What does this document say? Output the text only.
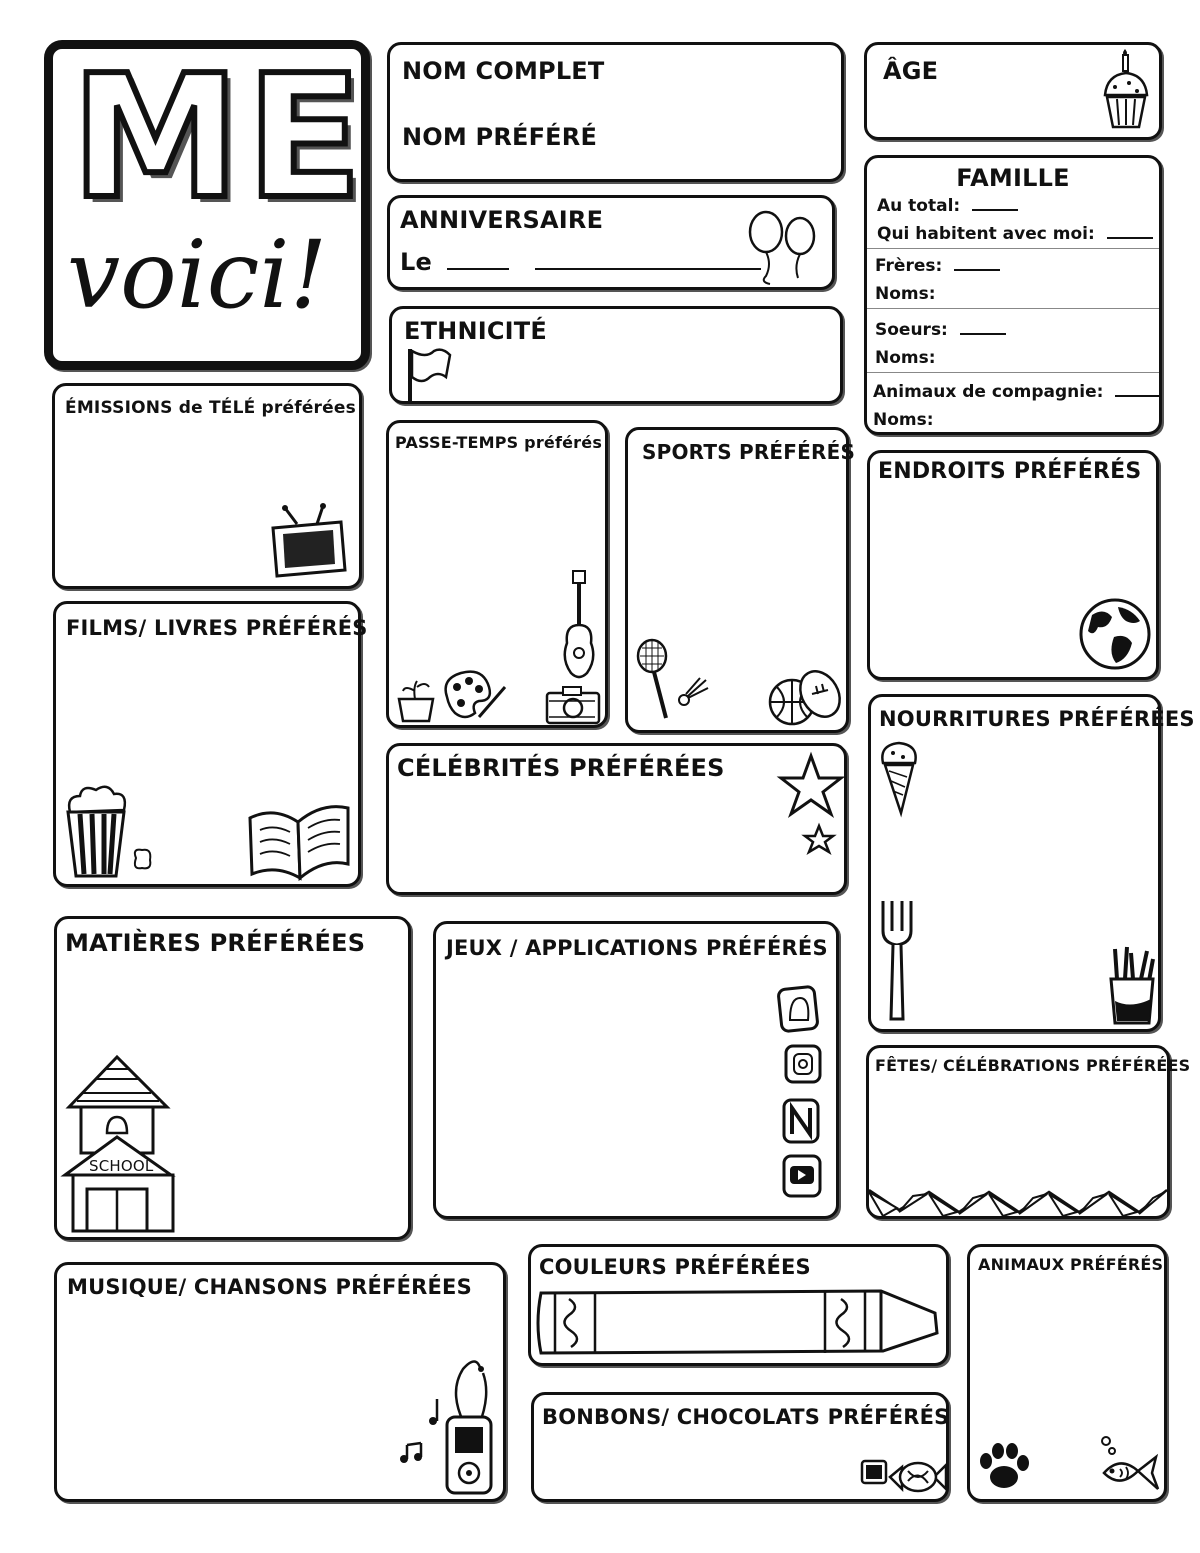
ME
voici!
NOM COMPLET
NOM PRÉFÉRÉ
ÂGE
ANNIVERSAIRE
Le
ETHNICITÉ
FAMILLE
Au total:
Qui habitent avec moi:
Frères:
Noms:
Soeurs:
Noms:
Animaux de compagnie:
Noms:
ÉMISSIONS de TÉLÉ préférées
PASSE-TEMPS préférés SPORTS PRÉFÉRÉS
ENDROITS PRÉFÉRÉS
FILMS/ LIVRES PRÉFÉRÉS
CÉLÉBRITÉS PRÉFÉRÉES
NOURRITURES PRÉFÉRÉES
MATIÈRES PRÉFÉRÉES
SCHOOL
JEUX / APPLICATIONS PRÉFÉRÉS
FÊTES/ CÉLÉBRATIONS PRÉFÉRÉES
MUSIQUE/ CHANSONS PRÉFÉRÉES
COULEURS PRÉFÉRÉES
BONBONS/ CHOCOLATS PRÉFÉRÉS
ANIMAUX PRÉFÉRÉS
